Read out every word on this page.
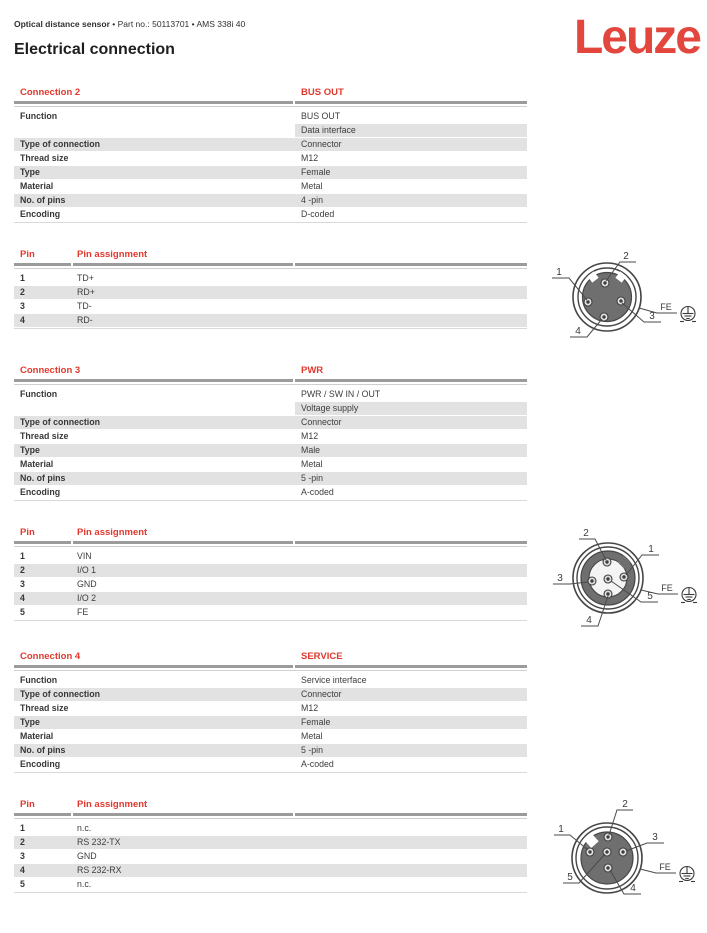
Optical distance sensor • Part no.: 50113701 • AMS 338i 40
Electrical connection	Leuze
Connection 2	BUS OUT
Function	BUS OUT
Data interface
Type of connection	Connector
Thread size	M12
Type	Female
Material	Metal
No. of pins	4 -pin
Encoding	D-coded
Pin	Pin assignment
1	TD+
2	RD+
3	TD-
4	RD-
2
1
3
4
FE
Connection 3	PWR
Function	PWR / SW IN / OUT
Voltage supply
Type of connection	Connector
Thread size	M12
Type	Male
Material	Metal
No. of pins	5 -pin
Encoding	A-coded
Pin	Pin assignment
1	VIN
2	I/O 1
3	GND
4	I/O 2
5	FE
2
1
3
5
4
FE
Connection 4	SERVICE
Function	Service interface
Type of connection	Connector
Thread size	M12
Type	Female
Material	Metal
No. of pins	5 -pin
Encoding	A-coded
Pin	Pin assignment
1	n.c.
2	RS 232-TX
3	GND
4	RS 232-RX
5	n.c.
2
1
3
5
4
FE
